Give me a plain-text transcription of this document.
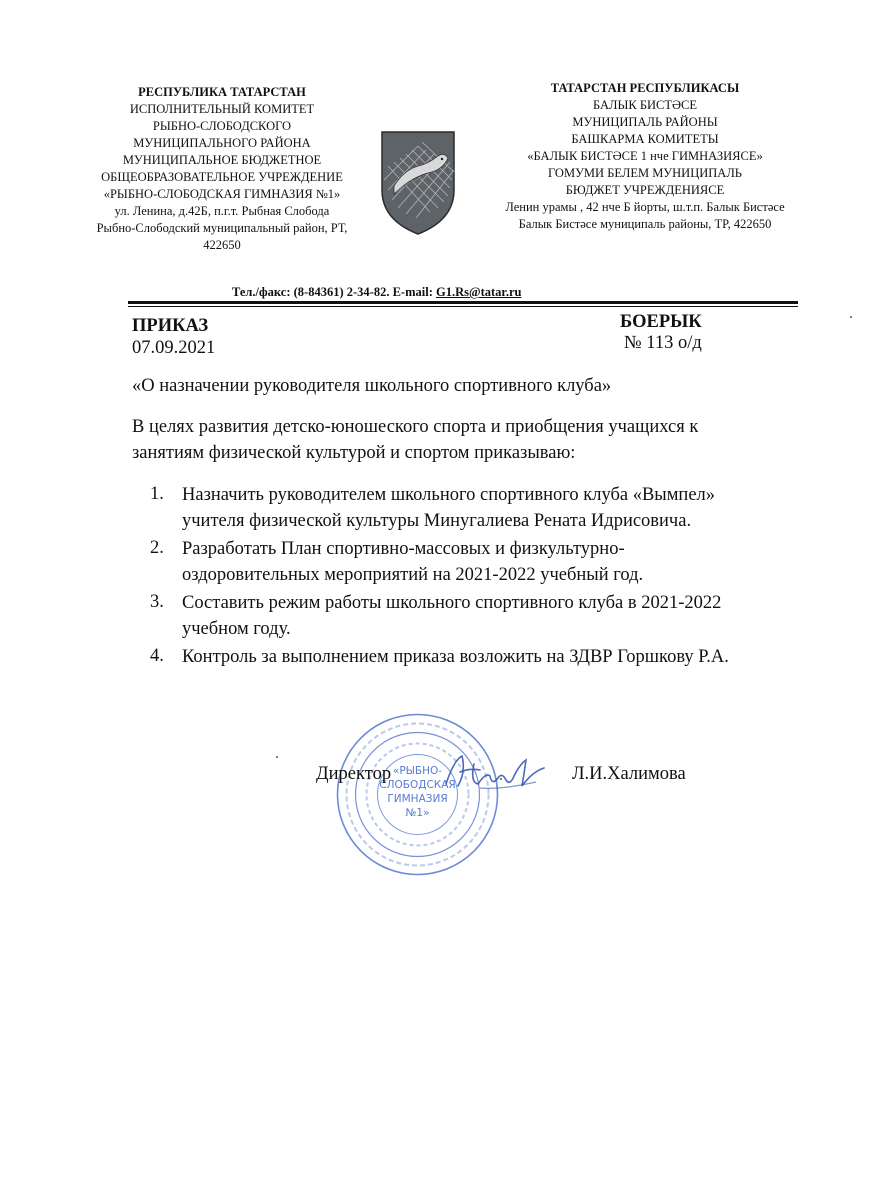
РЕСПУБЛИКА ТАТАРСТАН
ИСПОЛНИТЕЛЬНЫЙ КОМИТЕТ
РЫБНО-СЛОБОДСКОГО
МУНИЦИПАЛЬНОГО РАЙОНА
МУНИЦИПАЛЬНОЕ БЮДЖЕТНОЕ
ОБЩЕОБРАЗОВАТЕЛЬНОЕ УЧРЕЖДЕНИЕ
«РЫБНО-СЛОБОДСКАЯ ГИМНАЗИЯ №1»
ул. Ленина, д.42Б, п.г.т. Рыбная Слобода
Рыбно-Слободский муниципальный район, РТ,
422650
ТАТАРСТАН РЕСПУБЛИКАСЫ
БАЛЫК БИСТӘСЕ
МУНИЦИПАЛЬ РАЙОНЫ
БАШКАРМА КОМИТЕТЫ
«БАЛЫК БИСТӘСЕ 1 нче ГИМНАЗИЯСЕ»
ГОМУМИ БЕЛЕМ МУНИЦИПАЛЬ
БЮДЖЕТ УЧРЕЖДЕНИЯСЕ
Ленин урамы , 42 нче Б йорты, ш.т.п. Балык Бистәсе
Балык Бистәсе муниципаль районы, ТР, 422650
Тел./факс: (8-84361) 2-34-82. E-mail: G1.Rs@tatar.ru
ПРИКАЗ
07.09.2021
БОЕРЫК
№ 113 о/д
«О назначении руководителя школьного спортивного клуба»
В целях развития детско-юношеского спорта и приобщения учащихся к
занятиям физической культурой и спортом приказываю:
1. Назначить руководителем школьного спортивного клуба «Вымпел»
учителя физической культуры Минугалиева Рената Идрисовича.
2. Разработать План спортивно-массовых и физкультурно-
оздоровительных мероприятий на 2021-2022 учебный год.
3. Составить режим работы школьного спортивного клуба в 2021-2022
учебном году.
4. Контроль за выполнением приказа возложить на ЗДВР Горшкову Р.А.
«РЫБНО-
СЛОБОДСКАЯ
ГИМНАЗИЯ
№1»
Директор	Л.И.Халимова
